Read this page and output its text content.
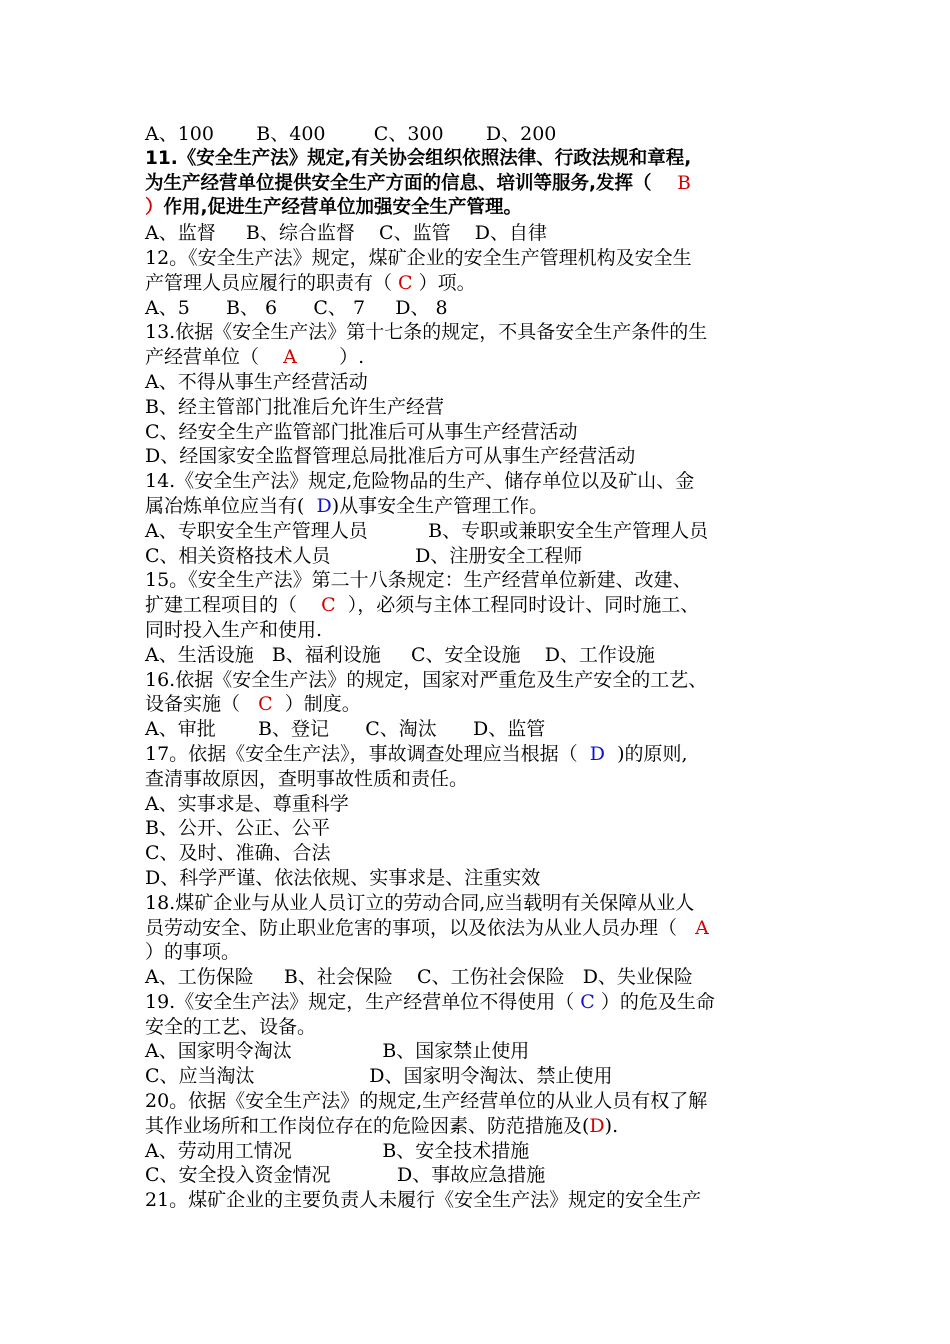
A、100       B、400        C、300       D、200
11.《安全生产法》规定,有关协会组织依照法律、行政法规和章程,
为生产经营单位提供安全生产方面的信息、培训等服务,发挥（    B
）作用,促进生产经营单位加强安全生产管理。
A、监督     B、综合监督    C、监管    D、自律
12。《安全生产法》规定，煤矿企业的安全生产管理机构及安全生
产管理人员应履行的职责有（ C ）项。
A、5      B、 6      C、 7     D、 8
13.依据《安全生产法》第十七条的规定，不具备安全生产条件的生
产经营单位（    A       ）.
A、不得从事生产经营活动
B、经主管部门批准后允许生产经营
C、经安全生产监管部门批准后可从事生产经营活动
D、经国家安全监督管理总局批准后方可从事生产经营活动
14.《安全生产法》规定,危险物品的生产、储存单位以及矿山、金
属冶炼单位应当有(  D)从事安全生产管理工作。
A、专职安全生产管理人员          B、专职或兼职安全生产管理人员
C、相关资格技术人员              D、注册安全工程师
15。《安全生产法》第二十八条规定：生产经营单位新建、改建、
扩建工程项目的（    C  ），必须与主体工程同时设计、同时施工、
同时投入生产和使用.
A、生活设施   B、福利设施     C、安全设施    D、工作设施
16.依据《安全生产法》的规定，国家对严重危及生产安全的工艺、
设备实施（   C  ）制度。
A、审批       B、登记      C、淘汰      D、监管
17。依据《安全生产法》，事故调查处理应当根据（  D  )的原则,
查清事故原因，查明事故性质和责任。
A、实事求是、尊重科学
B、公开、公正、公平
C、及时、准确、合法
D、科学严谨、依法依规、实事求是、注重实效
18.煤矿企业与从业人员订立的劳动合同,应当载明有关保障从业人
员劳动安全、防止职业危害的事项，以及依法为从业人员办理（   A
）的事项。
A、工伤保险     B、社会保险    C、工伤社会保险   D、失业保险
19.《安全生产法》规定，生产经营单位不得使用（ C ）的危及生命
安全的工艺、设备。
A、国家明令淘汰               B、国家禁止使用
C、应当淘汰                   D、国家明令淘汰、禁止使用
20。依据《安全生产法》的规定,生产经营单位的从业人员有权了解
其作业场所和工作岗位存在的危险因素、防范措施及(D).
A、劳动用工情况               B、安全技术措施
C、安全投入资金情况           D、事故应急措施
21。煤矿企业的主要负责人未履行《安全生产法》规定的安全生产
